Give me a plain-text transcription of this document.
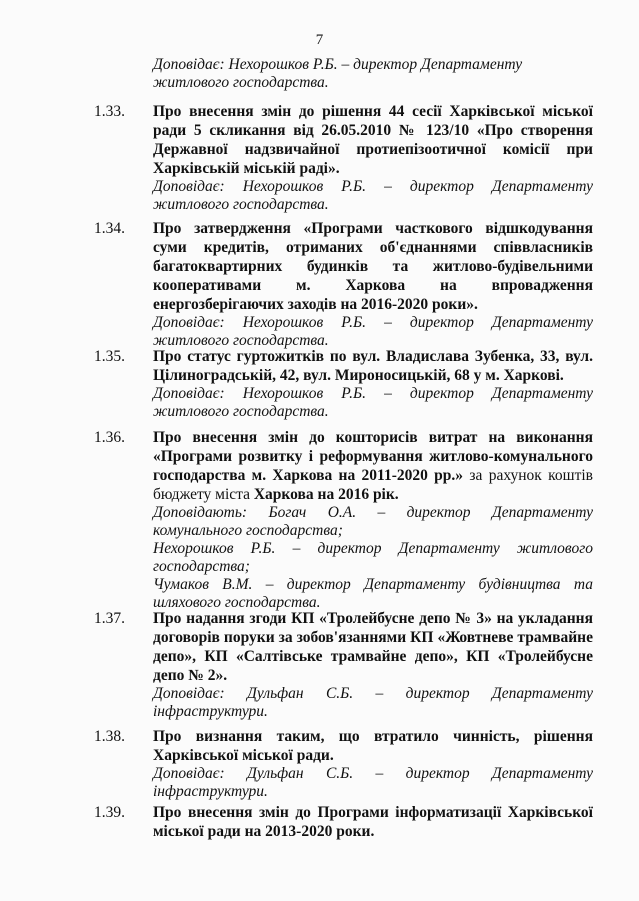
7
Доповідає: Нехорошков Р.Б. – директор Департаменту житлового господарства.
1.33. Про внесення змін до рішення 44 сесії Харківської міської ради 5 скликання від 26.05.2010 № 123/10 «Про створення Державної надзвичайної протиепізоотичної комісії при Харківській міській раді».
Доповідає: Нехорошков Р.Б. – директор Департаменту житлового господарства.
1.34. Про затвердження «Програми часткового відшкодування суми кредитів, отриманих об'єднаннями співвласників багатоквартирних будинків та житлово-будівельними кооперативами м. Харкова на впровадження енергозберігаючих заходів на 2016-2020 роки».
Доповідає: Нехорошков Р.Б. – директор Департаменту житлового господарства.
1.35. Про статус гуртожитків по вул. Владислава Зубенка, 33, вул. Цілиноградській, 42, вул. Мироносицькій, 68 у м. Харкові.
Доповідає: Нехорошков Р.Б. – директор Департаменту житлового господарства.
1.36. Про внесення змін до кошторисів витрат на виконання «Програми розвитку і реформування житлово-комунального господарства м. Харкова на 2011-2020 рр.» за рахунок коштів бюджету міста Харкова на 2016 рік.
Доповідають: Богач О.А. – директор Департаменту комунального господарства;
Нехорошков Р.Б. – директор Департаменту житлового господарства;
Чумаков В.М. – директор Департаменту будівництва та шляхового господарства.
1.37. Про надання згоди КП «Тролейбусне депо № 3» на укладання договорів поруки за зобов'язаннями КП «Жовтневе трамвайне депо», КП «Салтівське трамвайне депо», КП «Тролейбусне депо № 2».
Доповідає: Дульфан С.Б. – директор Департаменту інфраструктури.
1.38. Про визнання таким, що втратило чинність, рішення Харківської міської ради.
Доповідає: Дульфан С.Б. – директор Департаменту інфраструктури.
1.39. Про внесення змін до Програми інформатизації Харківської міської ради на 2013-2020 роки.
